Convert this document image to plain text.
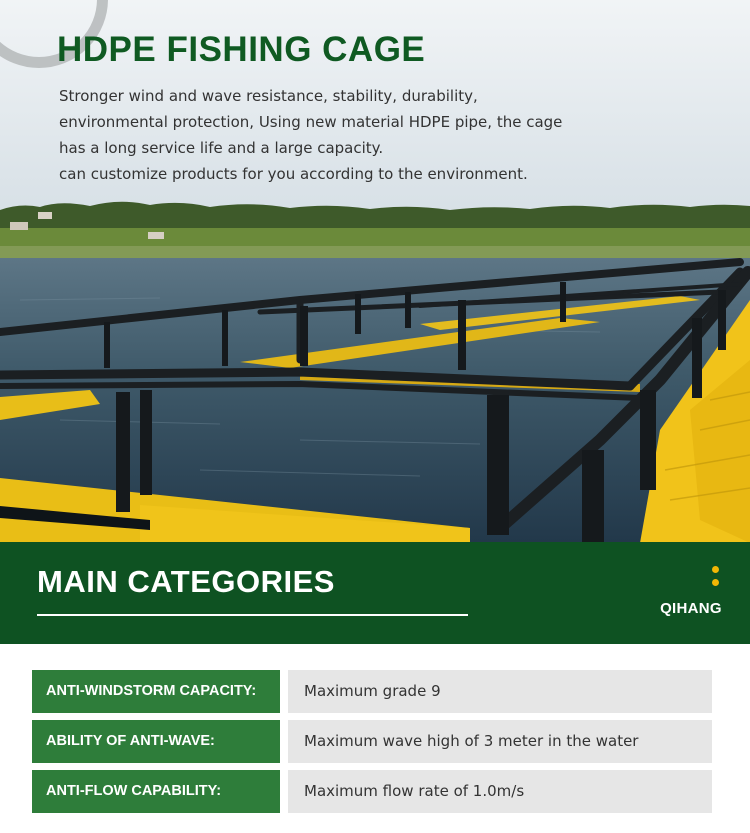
HDPE FISHING CAGE
Stronger wind and wave resistance, stability, durability,
environmental protection, Using new material HDPE pipe, the cage
has a long service life and a large capacity.
can customize products for you according to the environment.
MAIN CATEGORIES
QIHANG
ANTI-WINDSTORM CAPACITY:	Maximum grade 9
ABILITY OF ANTI-WAVE:	Maximum wave high of 3 meter in the water
ANTI-FLOW CAPABILITY:	Maximum flow rate of 1.0m/s
